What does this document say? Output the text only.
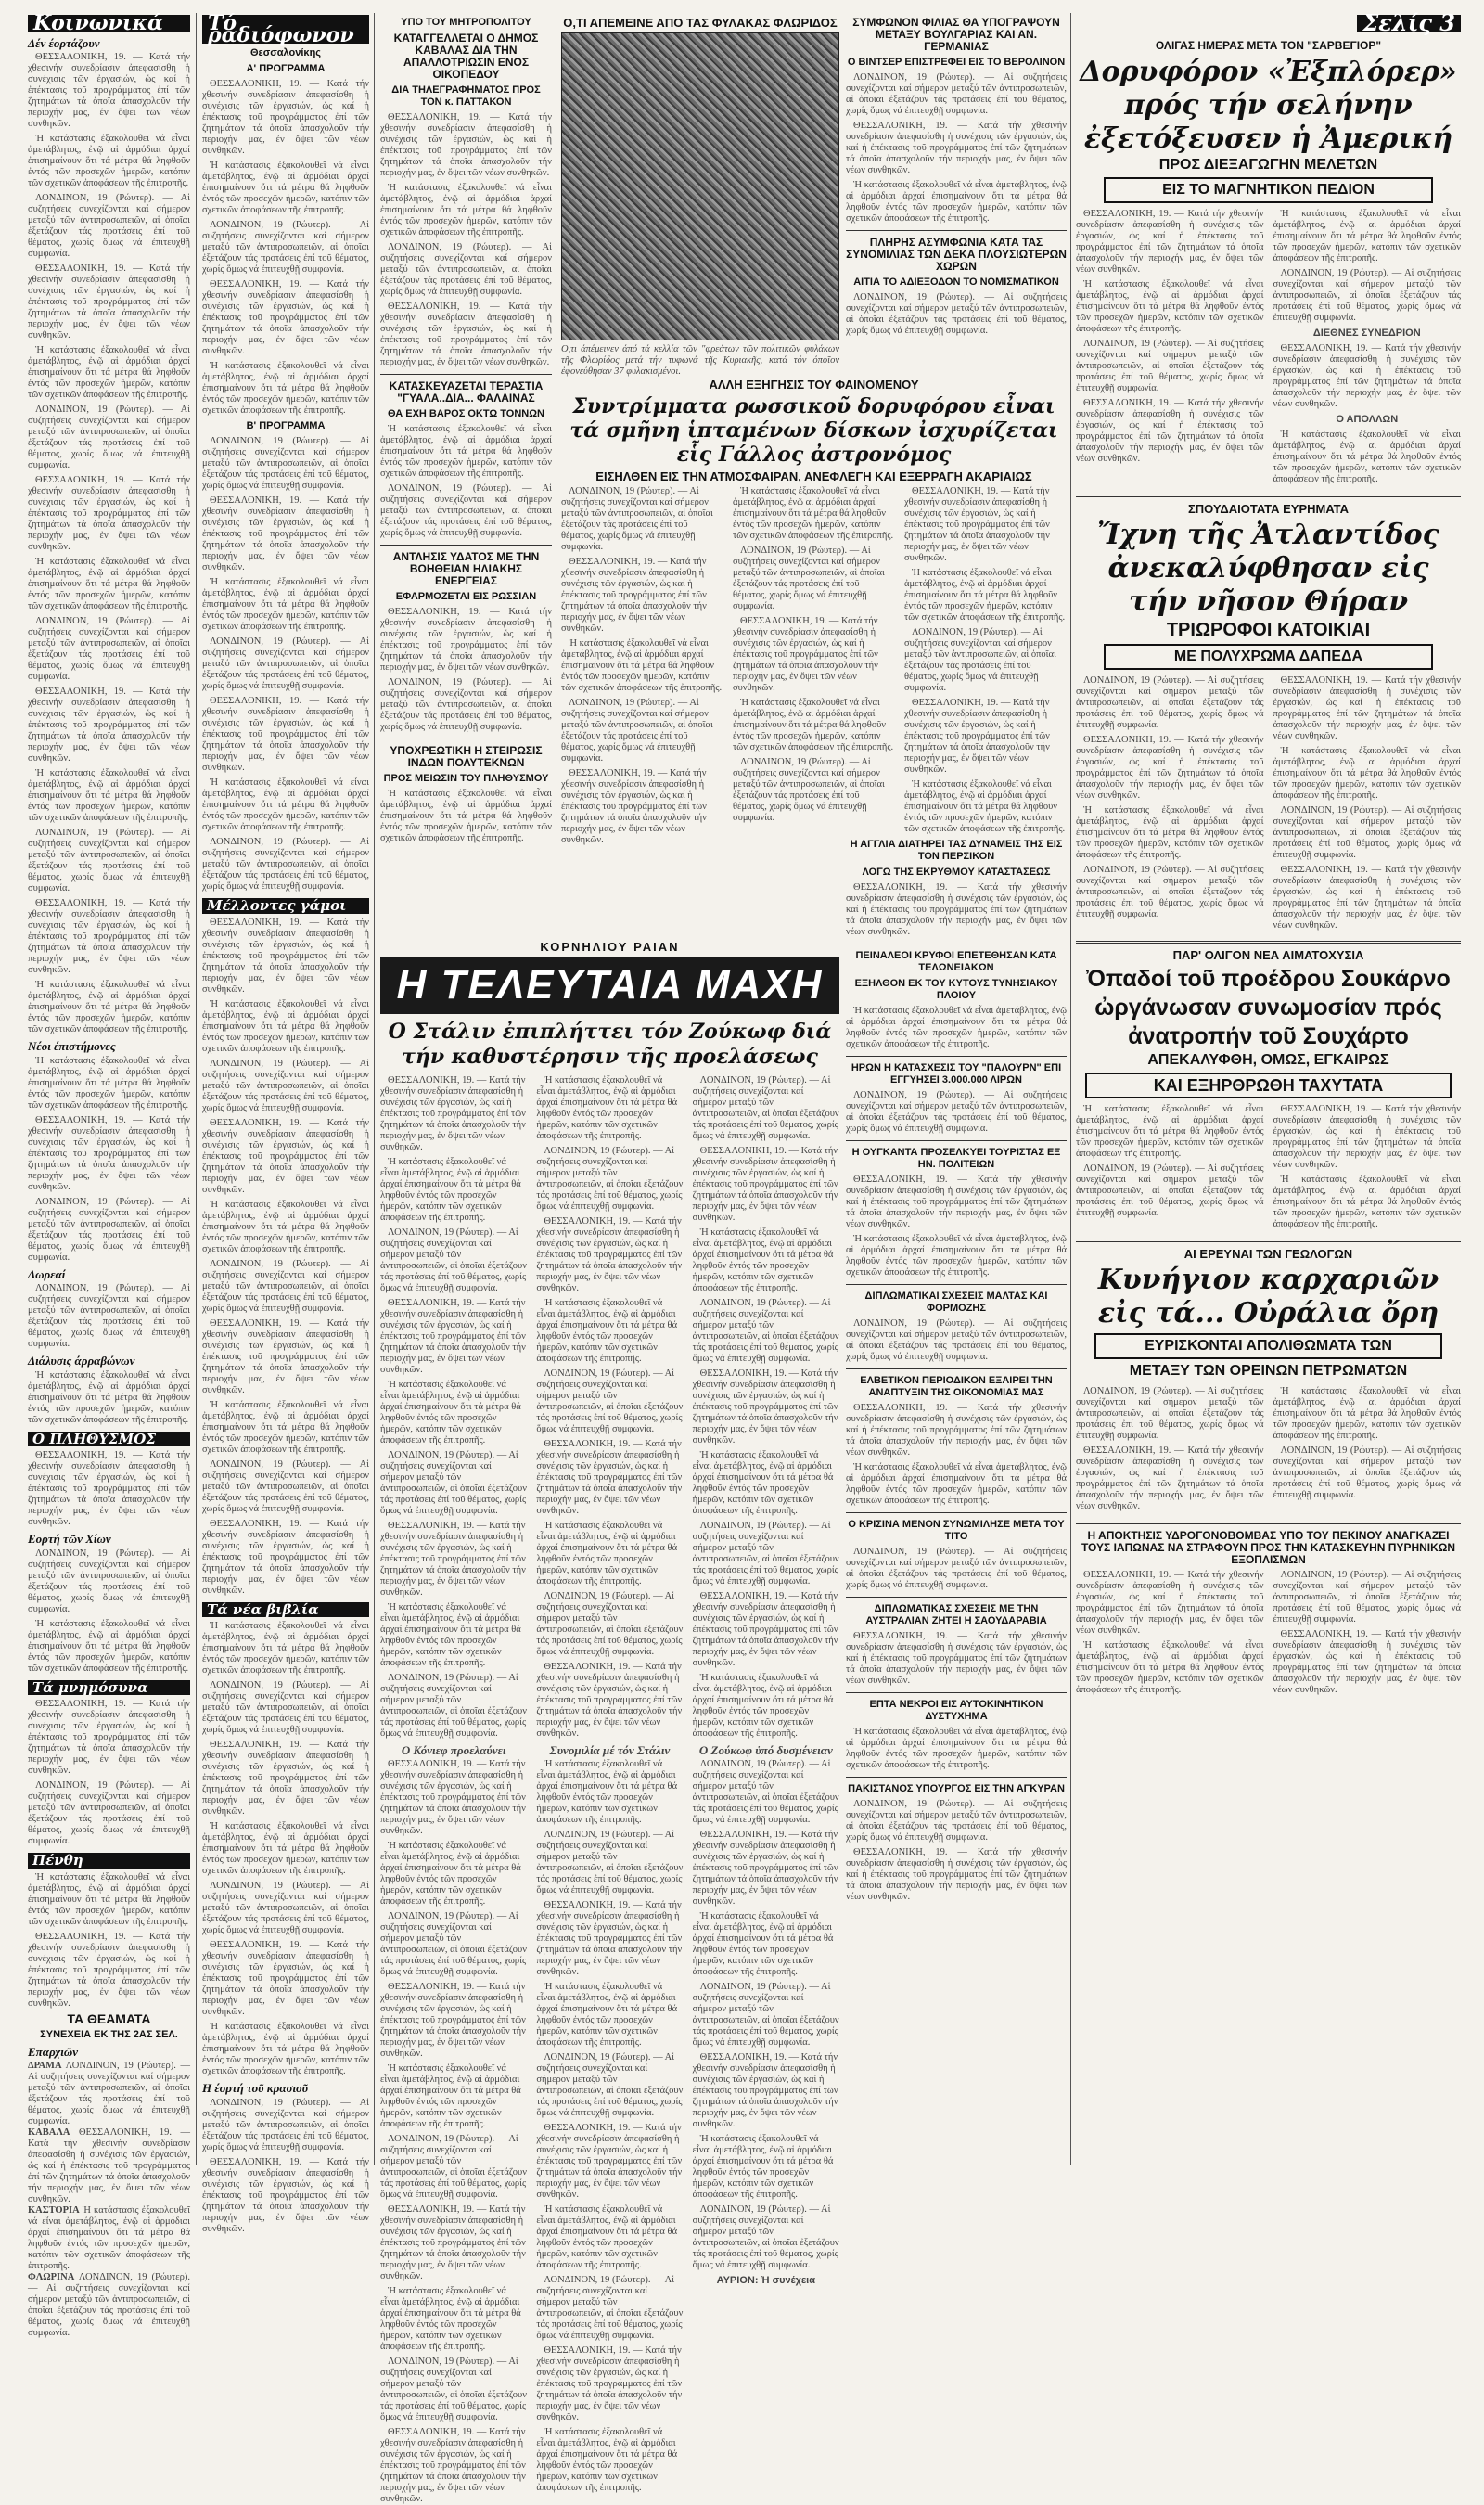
Κοινωνικά
Δέν έορτάζουν

ΘΕΣΣΑΛΟΝΙΚΗ, 19. — Κατά τήν χθεσινήν συνεδρίασιν ἀπεφασίσθη ἡ συνέχισις τῶν ἐργασιών, ὡς καί ἡ ἐπέκτασις τοῦ προγράμματος ἐπί τῶν ζητημάτων τά ὁποῖα ἀπασχολοῦν τήν περιοχήν μας, ἐν ὄψει τῶν νέων συνθηκῶν.

Ἡ κατάστασις ἐξακολουθεῖ νά εἶναι ἀμετάβλητος, ἐνῷ αἱ ἁρμόδιαι ἀρχαί ἐπισημαίνουν ὅτι τά μέτρα θά ληφθοῦν ἐντός τῶν προσεχῶν ἡμερῶν, κατόπιν τῶν σχετικῶν ἀποφάσεων τῆς ἐπιτροπῆς.

ΛΟΝΔΙΝΟΝ, 19 (Ρώυτερ). — Αἱ συζητήσεις συνεχίζονται καί σήμερον μεταξύ τῶν ἀντιπροσωπειῶν, αἱ ὁποῖαι ἐξετάζουν τάς προτάσεις ἐπί τοῦ θέματος, χωρίς ὅμως νά ἐπιτευχθῇ συμφωνία.

ΘΕΣΣΑΛΟΝΙΚΗ, 19. — Κατά τήν χθεσινήν συνεδρίασιν ἀπεφασίσθη ἡ συνέχισις τῶν ἐργασιών, ὡς καί ἡ ἐπέκτασις τοῦ προγράμματος ἐπί τῶν ζητημάτων τά ὁποῖα ἀπασχολοῦν τήν περιοχήν μας, ἐν ὄψει τῶν νέων συνθηκῶν.

Ἡ κατάστασις ἐξακολουθεῖ νά εἶναι ἀμετάβλητος, ἐνῷ αἱ ἁρμόδιαι ἀρχαί ἐπισημαίνουν ὅτι τά μέτρα θά ληφθοῦν ἐντός τῶν προσεχῶν ἡμερῶν, κατόπιν τῶν σχετικῶν ἀποφάσεων τῆς ἐπιτροπῆς.

ΛΟΝΔΙΝΟΝ, 19 (Ρώυτερ). — Αἱ συζητήσεις συνεχίζονται καί σήμερον μεταξύ τῶν ἀντιπροσωπειῶν, αἱ ὁποῖαι ἐξετάζουν τάς προτάσεις ἐπί τοῦ θέματος, χωρίς ὅμως νά ἐπιτευχθῇ συμφωνία.

ΘΕΣΣΑΛΟΝΙΚΗ, 19. — Κατά τήν χθεσινήν συνεδρίασιν ἀπεφασίσθη ἡ συνέχισις τῶν ἐργασιών, ὡς καί ἡ ἐπέκτασις τοῦ προγράμματος ἐπί τῶν ζητημάτων τά ὁποῖα ἀπασχολοῦν τήν περιοχήν μας, ἐν ὄψει τῶν νέων συνθηκῶν.

Ἡ κατάστασις ἐξακολουθεῖ νά εἶναι ἀμετάβλητος, ἐνῷ αἱ ἁρμόδιαι ἀρχαί ἐπισημαίνουν ὅτι τά μέτρα θά ληφθοῦν ἐντός τῶν προσεχῶν ἡμερῶν, κατόπιν τῶν σχετικῶν ἀποφάσεων τῆς ἐπιτροπῆς.

ΛΟΝΔΙΝΟΝ, 19 (Ρώυτερ). — Αἱ συζητήσεις συνεχίζονται καί σήμερον μεταξύ τῶν ἀντιπροσωπειῶν, αἱ ὁποῖαι ἐξετάζουν τάς προτάσεις ἐπί τοῦ θέματος, χωρίς ὅμως νά ἐπιτευχθῇ συμφωνία.

ΘΕΣΣΑΛΟΝΙΚΗ, 19. — Κατά τήν χθεσινήν συνεδρίασιν ἀπεφασίσθη ἡ συνέχισις τῶν ἐργασιών, ὡς καί ἡ ἐπέκτασις τοῦ προγράμματος ἐπί τῶν ζητημάτων τά ὁποῖα ἀπασχολοῦν τήν περιοχήν μας, ἐν ὄψει τῶν νέων συνθηκῶν.

Ἡ κατάστασις ἐξακολουθεῖ νά εἶναι ἀμετάβλητος, ἐνῷ αἱ ἁρμόδιαι ἀρχαί ἐπισημαίνουν ὅτι τά μέτρα θά ληφθοῦν ἐντός τῶν προσεχῶν ἡμερῶν, κατόπιν τῶν σχετικῶν ἀποφάσεων τῆς ἐπιτροπῆς.

ΛΟΝΔΙΝΟΝ, 19 (Ρώυτερ). — Αἱ συζητήσεις συνεχίζονται καί σήμερον μεταξύ τῶν ἀντιπροσωπειῶν, αἱ ὁποῖαι ἐξετάζουν τάς προτάσεις ἐπί τοῦ θέματος, χωρίς ὅμως νά ἐπιτευχθῇ συμφωνία.

ΘΕΣΣΑΛΟΝΙΚΗ, 19. — Κατά τήν χθεσινήν συνεδρίασιν ἀπεφασίσθη ἡ συνέχισις τῶν ἐργασιών, ὡς καί ἡ ἐπέκτασις τοῦ προγράμματος ἐπί τῶν ζητημάτων τά ὁποῖα ἀπασχολοῦν τήν περιοχήν μας, ἐν ὄψει τῶν νέων συνθηκῶν.

Ἡ κατάστασις ἐξακολουθεῖ νά εἶναι ἀμετάβλητος, ἐνῷ αἱ ἁρμόδιαι ἀρχαί ἐπισημαίνουν ὅτι τά μέτρα θά ληφθοῦν ἐντός τῶν προσεχῶν ἡμερῶν, κατόπιν τῶν σχετικῶν ἀποφάσεων τῆς ἐπιτροπῆς.

Νέοι έπιστήμονες

Ἡ κατάστασις ἐξακολουθεῖ νά εἶναι ἀμετάβλητος, ἐνῷ αἱ ἁρμόδιαι ἀρχαί ἐπισημαίνουν ὅτι τά μέτρα θά ληφθοῦν ἐντός τῶν προσεχῶν ἡμερῶν, κατόπιν τῶν σχετικῶν ἀποφάσεων τῆς ἐπιτροπῆς.

ΘΕΣΣΑΛΟΝΙΚΗ, 19. — Κατά τήν χθεσινήν συνεδρίασιν ἀπεφασίσθη ἡ συνέχισις τῶν ἐργασιών, ὡς καί ἡ ἐπέκτασις τοῦ προγράμματος ἐπί τῶν ζητημάτων τά ὁποῖα ἀπασχολοῦν τήν περιοχήν μας, ἐν ὄψει τῶν νέων συνθηκῶν.

ΛΟΝΔΙΝΟΝ, 19 (Ρώυτερ). — Αἱ συζητήσεις συνεχίζονται καί σήμερον μεταξύ τῶν ἀντιπροσωπειῶν, αἱ ὁποῖαι ἐξετάζουν τάς προτάσεις ἐπί τοῦ θέματος, χωρίς ὅμως νά ἐπιτευχθῇ συμφωνία.

Δωρεαί

ΛΟΝΔΙΝΟΝ, 19 (Ρώυτερ). — Αἱ συζητήσεις συνεχίζονται καί σήμερον μεταξύ τῶν ἀντιπροσωπειῶν, αἱ ὁποῖαι ἐξετάζουν τάς προτάσεις ἐπί τοῦ θέματος, χωρίς ὅμως νά ἐπιτευχθῇ συμφωνία.

Διάλυσις άρραβώνων

Ἡ κατάστασις ἐξακολουθεῖ νά εἶναι ἀμετάβλητος, ἐνῷ αἱ ἁρμόδιαι ἀρχαί ἐπισημαίνουν ὅτι τά μέτρα θά ληφθοῦν ἐντός τῶν προσεχῶν ἡμερῶν, κατόπιν τῶν σχετικῶν ἀποφάσεων τῆς ἐπιτροπῆς.

Ο ΠΛΗΘΥΣΜΟΣ

ΘΕΣΣΑΛΟΝΙΚΗ, 19. — Κατά τήν χθεσινήν συνεδρίασιν ἀπεφασίσθη ἡ συνέχισις τῶν ἐργασιών, ὡς καί ἡ ἐπέκτασις τοῦ προγράμματος ἐπί τῶν ζητημάτων τά ὁποῖα ἀπασχολοῦν τήν περιοχήν μας, ἐν ὄψει τῶν νέων συνθηκῶν.

Εορτή τῶν Χίων

ΛΟΝΔΙΝΟΝ, 19 (Ρώυτερ). — Αἱ συζητήσεις συνεχίζονται καί σήμερον μεταξύ τῶν ἀντιπροσωπειῶν, αἱ ὁποῖαι ἐξετάζουν τάς προτάσεις ἐπί τοῦ θέματος, χωρίς ὅμως νά ἐπιτευχθῇ συμφωνία.

Ἡ κατάστασις ἐξακολουθεῖ νά εἶναι ἀμετάβλητος, ἐνῷ αἱ ἁρμόδιαι ἀρχαί ἐπισημαίνουν ὅτι τά μέτρα θά ληφθοῦν ἐντός τῶν προσεχῶν ἡμερῶν, κατόπιν τῶν σχετικῶν ἀποφάσεων τῆς ἐπιτροπῆς.

Τά μνημόσυνα

ΘΕΣΣΑΛΟΝΙΚΗ, 19. — Κατά τήν χθεσινήν συνεδρίασιν ἀπεφασίσθη ἡ συνέχισις τῶν ἐργασιών, ὡς καί ἡ ἐπέκτασις τοῦ προγράμματος ἐπί τῶν ζητημάτων τά ὁποῖα ἀπασχολοῦν τήν περιοχήν μας, ἐν ὄψει τῶν νέων συνθηκῶν.

ΛΟΝΔΙΝΟΝ, 19 (Ρώυτερ). — Αἱ συζητήσεις συνεχίζονται καί σήμερον μεταξύ τῶν ἀντιπροσωπειῶν, αἱ ὁποῖαι ἐξετάζουν τάς προτάσεις ἐπί τοῦ θέματος, χωρίς ὅμως νά ἐπιτευχθῇ συμφωνία.

Πένθη

Ἡ κατάστασις ἐξακολουθεῖ νά εἶναι ἀμετάβλητος, ἐνῷ αἱ ἁρμόδιαι ἀρχαί ἐπισημαίνουν ὅτι τά μέτρα θά ληφθοῦν ἐντός τῶν προσεχῶν ἡμερῶν, κατόπιν τῶν σχετικῶν ἀποφάσεων τῆς ἐπιτροπῆς.

ΘΕΣΣΑΛΟΝΙΚΗ, 19. — Κατά τήν χθεσινήν συνεδρίασιν ἀπεφασίσθη ἡ συνέχισις τῶν ἐργασιών, ὡς καί ἡ ἐπέκτασις τοῦ προγράμματος ἐπί τῶν ζητημάτων τά ὁποῖα ἀπασχολοῦν τήν περιοχήν μας, ἐν ὄψει τῶν νέων συνθηκῶν.

ΤΑ ΘΕΑΜΑΤΑ
ΣΥΝΕΧΕΙΑ ΕΚ ΤΗΣ 2ΑΣ ΣΕΛ.
Επαρχιῶν
ΔΡΑΜΑ ΛΟΝΔΙΝΟΝ, 19 (Ρώυτερ). — Αἱ συζητήσεις συνεχίζονται καί σήμερον μεταξύ τῶν ἀντιπροσωπειῶν, αἱ ὁποῖαι ἐξετάζουν τάς προτάσεις ἐπί τοῦ θέματος, χωρίς ὅμως νά ἐπιτευχθῇ συμφωνία.
ΚΑΒΑΛΑ ΘΕΣΣΑΛΟΝΙΚΗ, 19. — Κατά τήν χθεσινήν συνεδρίασιν ἀπεφασίσθη ἡ συνέχισις τῶν ἐργασιών, ὡς καί ἡ ἐπέκτασις τοῦ προγράμματος ἐπί τῶν ζητημάτων τά ὁποῖα ἀπασχολοῦν τήν περιοχήν μας, ἐν ὄψει τῶν νέων συνθηκῶν.
ΚΑΣΤΟΡΙΑ Ἡ κατάστασις ἐξακολουθεῖ νά εἶναι ἀμετάβλητος, ἐνῷ αἱ ἁρμόδιαι ἀρχαί ἐπισημαίνουν ὅτι τά μέτρα θά ληφθοῦν ἐντός τῶν προσεχῶν ἡμερῶν, κατόπιν τῶν σχετικῶν ἀποφάσεων τῆς ἐπιτροπῆς.
ΦΛΩΡΙΝΑ ΛΟΝΔΙΝΟΝ, 19 (Ρώυτερ). — Αἱ συζητήσεις συνεχίζονται καί σήμερον μεταξύ τῶν ἀντιπροσωπειῶν, αἱ ὁποῖαι ἐξετάζουν τάς προτάσεις ἐπί τοῦ θέματος, χωρίς ὅμως νά ἐπιτευχθῇ συμφωνία.
Τό ραδιόφωνον
Θεσσαλονίκης
Α' ΠΡΟΓΡΑΜΜΑ

ΘΕΣΣΑΛΟΝΙΚΗ, 19. — Κατά τήν χθεσινήν συνεδρίασιν ἀπεφασίσθη ἡ συνέχισις τῶν ἐργασιών, ὡς καί ἡ ἐπέκτασις τοῦ προγράμματος ἐπί τῶν ζητημάτων τά ὁποῖα ἀπασχολοῦν τήν περιοχήν μας, ἐν ὄψει τῶν νέων συνθηκῶν.

Ἡ κατάστασις ἐξακολουθεῖ νά εἶναι ἀμετάβλητος, ἐνῷ αἱ ἁρμόδιαι ἀρχαί ἐπισημαίνουν ὅτι τά μέτρα θά ληφθοῦν ἐντός τῶν προσεχῶν ἡμερῶν, κατόπιν τῶν σχετικῶν ἀποφάσεων τῆς ἐπιτροπῆς.

ΛΟΝΔΙΝΟΝ, 19 (Ρώυτερ). — Αἱ συζητήσεις συνεχίζονται καί σήμερον μεταξύ τῶν ἀντιπροσωπειῶν, αἱ ὁποῖαι ἐξετάζουν τάς προτάσεις ἐπί τοῦ θέματος, χωρίς ὅμως νά ἐπιτευχθῇ συμφωνία.

ΘΕΣΣΑΛΟΝΙΚΗ, 19. — Κατά τήν χθεσινήν συνεδρίασιν ἀπεφασίσθη ἡ συνέχισις τῶν ἐργασιών, ὡς καί ἡ ἐπέκτασις τοῦ προγράμματος ἐπί τῶν ζητημάτων τά ὁποῖα ἀπασχολοῦν τήν περιοχήν μας, ἐν ὄψει τῶν νέων συνθηκῶν.

Ἡ κατάστασις ἐξακολουθεῖ νά εἶναι ἀμετάβλητος, ἐνῷ αἱ ἁρμόδιαι ἀρχαί ἐπισημαίνουν ὅτι τά μέτρα θά ληφθοῦν ἐντός τῶν προσεχῶν ἡμερῶν, κατόπιν τῶν σχετικῶν ἀποφάσεων τῆς ἐπιτροπῆς.

Β' ΠΡΟΓΡΑΜΜΑ

ΛΟΝΔΙΝΟΝ, 19 (Ρώυτερ). — Αἱ συζητήσεις συνεχίζονται καί σήμερον μεταξύ τῶν ἀντιπροσωπειῶν, αἱ ὁποῖαι ἐξετάζουν τάς προτάσεις ἐπί τοῦ θέματος, χωρίς ὅμως νά ἐπιτευχθῇ συμφωνία.

ΘΕΣΣΑΛΟΝΙΚΗ, 19. — Κατά τήν χθεσινήν συνεδρίασιν ἀπεφασίσθη ἡ συνέχισις τῶν ἐργασιών, ὡς καί ἡ ἐπέκτασις τοῦ προγράμματος ἐπί τῶν ζητημάτων τά ὁποῖα ἀπασχολοῦν τήν περιοχήν μας, ἐν ὄψει τῶν νέων συνθηκῶν.

Ἡ κατάστασις ἐξακολουθεῖ νά εἶναι ἀμετάβλητος, ἐνῷ αἱ ἁρμόδιαι ἀρχαί ἐπισημαίνουν ὅτι τά μέτρα θά ληφθοῦν ἐντός τῶν προσεχῶν ἡμερῶν, κατόπιν τῶν σχετικῶν ἀποφάσεων τῆς ἐπιτροπῆς.

ΛΟΝΔΙΝΟΝ, 19 (Ρώυτερ). — Αἱ συζητήσεις συνεχίζονται καί σήμερον μεταξύ τῶν ἀντιπροσωπειῶν, αἱ ὁποῖαι ἐξετάζουν τάς προτάσεις ἐπί τοῦ θέματος, χωρίς ὅμως νά ἐπιτευχθῇ συμφωνία.

ΘΕΣΣΑΛΟΝΙΚΗ, 19. — Κατά τήν χθεσινήν συνεδρίασιν ἀπεφασίσθη ἡ συνέχισις τῶν ἐργασιών, ὡς καί ἡ ἐπέκτασις τοῦ προγράμματος ἐπί τῶν ζητημάτων τά ὁποῖα ἀπασχολοῦν τήν περιοχήν μας, ἐν ὄψει τῶν νέων συνθηκῶν.

Ἡ κατάστασις ἐξακολουθεῖ νά εἶναι ἀμετάβλητος, ἐνῷ αἱ ἁρμόδιαι ἀρχαί ἐπισημαίνουν ὅτι τά μέτρα θά ληφθοῦν ἐντός τῶν προσεχῶν ἡμερῶν, κατόπιν τῶν σχετικῶν ἀποφάσεων τῆς ἐπιτροπῆς.

ΛΟΝΔΙΝΟΝ, 19 (Ρώυτερ). — Αἱ συζητήσεις συνεχίζονται καί σήμερον μεταξύ τῶν ἀντιπροσωπειῶν, αἱ ὁποῖαι ἐξετάζουν τάς προτάσεις ἐπί τοῦ θέματος, χωρίς ὅμως νά ἐπιτευχθῇ συμφωνία.

Μέλλοντες γάμοι

ΘΕΣΣΑΛΟΝΙΚΗ, 19. — Κατά τήν χθεσινήν συνεδρίασιν ἀπεφασίσθη ἡ συνέχισις τῶν ἐργασιών, ὡς καί ἡ ἐπέκτασις τοῦ προγράμματος ἐπί τῶν ζητημάτων τά ὁποῖα ἀπασχολοῦν τήν περιοχήν μας, ἐν ὄψει τῶν νέων συνθηκῶν.

Ἡ κατάστασις ἐξακολουθεῖ νά εἶναι ἀμετάβλητος, ἐνῷ αἱ ἁρμόδιαι ἀρχαί ἐπισημαίνουν ὅτι τά μέτρα θά ληφθοῦν ἐντός τῶν προσεχῶν ἡμερῶν, κατόπιν τῶν σχετικῶν ἀποφάσεων τῆς ἐπιτροπῆς.

ΛΟΝΔΙΝΟΝ, 19 (Ρώυτερ). — Αἱ συζητήσεις συνεχίζονται καί σήμερον μεταξύ τῶν ἀντιπροσωπειῶν, αἱ ὁποῖαι ἐξετάζουν τάς προτάσεις ἐπί τοῦ θέματος, χωρίς ὅμως νά ἐπιτευχθῇ συμφωνία.

ΘΕΣΣΑΛΟΝΙΚΗ, 19. — Κατά τήν χθεσινήν συνεδρίασιν ἀπεφασίσθη ἡ συνέχισις τῶν ἐργασιών, ὡς καί ἡ ἐπέκτασις τοῦ προγράμματος ἐπί τῶν ζητημάτων τά ὁποῖα ἀπασχολοῦν τήν περιοχήν μας, ἐν ὄψει τῶν νέων συνθηκῶν.

Ἡ κατάστασις ἐξακολουθεῖ νά εἶναι ἀμετάβλητος, ἐνῷ αἱ ἁρμόδιαι ἀρχαί ἐπισημαίνουν ὅτι τά μέτρα θά ληφθοῦν ἐντός τῶν προσεχῶν ἡμερῶν, κατόπιν τῶν σχετικῶν ἀποφάσεων τῆς ἐπιτροπῆς.

ΛΟΝΔΙΝΟΝ, 19 (Ρώυτερ). — Αἱ συζητήσεις συνεχίζονται καί σήμερον μεταξύ τῶν ἀντιπροσωπειῶν, αἱ ὁποῖαι ἐξετάζουν τάς προτάσεις ἐπί τοῦ θέματος, χωρίς ὅμως νά ἐπιτευχθῇ συμφωνία.

ΘΕΣΣΑΛΟΝΙΚΗ, 19. — Κατά τήν χθεσινήν συνεδρίασιν ἀπεφασίσθη ἡ συνέχισις τῶν ἐργασιών, ὡς καί ἡ ἐπέκτασις τοῦ προγράμματος ἐπί τῶν ζητημάτων τά ὁποῖα ἀπασχολοῦν τήν περιοχήν μας, ἐν ὄψει τῶν νέων συνθηκῶν.

Ἡ κατάστασις ἐξακολουθεῖ νά εἶναι ἀμετάβλητος, ἐνῷ αἱ ἁρμόδιαι ἀρχαί ἐπισημαίνουν ὅτι τά μέτρα θά ληφθοῦν ἐντός τῶν προσεχῶν ἡμερῶν, κατόπιν τῶν σχετικῶν ἀποφάσεων τῆς ἐπιτροπῆς.

ΛΟΝΔΙΝΟΝ, 19 (Ρώυτερ). — Αἱ συζητήσεις συνεχίζονται καί σήμερον μεταξύ τῶν ἀντιπροσωπειῶν, αἱ ὁποῖαι ἐξετάζουν τάς προτάσεις ἐπί τοῦ θέματος, χωρίς ὅμως νά ἐπιτευχθῇ συμφωνία.

ΘΕΣΣΑΛΟΝΙΚΗ, 19. — Κατά τήν χθεσινήν συνεδρίασιν ἀπεφασίσθη ἡ συνέχισις τῶν ἐργασιών, ὡς καί ἡ ἐπέκτασις τοῦ προγράμματος ἐπί τῶν ζητημάτων τά ὁποῖα ἀπασχολοῦν τήν περιοχήν μας, ἐν ὄψει τῶν νέων συνθηκῶν.

Τά νέα βιβλία

Ἡ κατάστασις ἐξακολουθεῖ νά εἶναι ἀμετάβλητος, ἐνῷ αἱ ἁρμόδιαι ἀρχαί ἐπισημαίνουν ὅτι τά μέτρα θά ληφθοῦν ἐντός τῶν προσεχῶν ἡμερῶν, κατόπιν τῶν σχετικῶν ἀποφάσεων τῆς ἐπιτροπῆς.

ΛΟΝΔΙΝΟΝ, 19 (Ρώυτερ). — Αἱ συζητήσεις συνεχίζονται καί σήμερον μεταξύ τῶν ἀντιπροσωπειῶν, αἱ ὁποῖαι ἐξετάζουν τάς προτάσεις ἐπί τοῦ θέματος, χωρίς ὅμως νά ἐπιτευχθῇ συμφωνία.

ΘΕΣΣΑΛΟΝΙΚΗ, 19. — Κατά τήν χθεσινήν συνεδρίασιν ἀπεφασίσθη ἡ συνέχισις τῶν ἐργασιών, ὡς καί ἡ ἐπέκτασις τοῦ προγράμματος ἐπί τῶν ζητημάτων τά ὁποῖα ἀπασχολοῦν τήν περιοχήν μας, ἐν ὄψει τῶν νέων συνθηκῶν.

Ἡ κατάστασις ἐξακολουθεῖ νά εἶναι ἀμετάβλητος, ἐνῷ αἱ ἁρμόδιαι ἀρχαί ἐπισημαίνουν ὅτι τά μέτρα θά ληφθοῦν ἐντός τῶν προσεχῶν ἡμερῶν, κατόπιν τῶν σχετικῶν ἀποφάσεων τῆς ἐπιτροπῆς.

ΛΟΝΔΙΝΟΝ, 19 (Ρώυτερ). — Αἱ συζητήσεις συνεχίζονται καί σήμερον μεταξύ τῶν ἀντιπροσωπειῶν, αἱ ὁποῖαι ἐξετάζουν τάς προτάσεις ἐπί τοῦ θέματος, χωρίς ὅμως νά ἐπιτευχθῇ συμφωνία.

ΘΕΣΣΑΛΟΝΙΚΗ, 19. — Κατά τήν χθεσινήν συνεδρίασιν ἀπεφασίσθη ἡ συνέχισις τῶν ἐργασιών, ὡς καί ἡ ἐπέκτασις τοῦ προγράμματος ἐπί τῶν ζητημάτων τά ὁποῖα ἀπασχολοῦν τήν περιοχήν μας, ἐν ὄψει τῶν νέων συνθηκῶν.

Ἡ κατάστασις ἐξακολουθεῖ νά εἶναι ἀμετάβλητος, ἐνῷ αἱ ἁρμόδιαι ἀρχαί ἐπισημαίνουν ὅτι τά μέτρα θά ληφθοῦν ἐντός τῶν προσεχῶν ἡμερῶν, κατόπιν τῶν σχετικῶν ἀποφάσεων τῆς ἐπιτροπῆς.

Η έορτή τοῦ κρασιοῦ

ΛΟΝΔΙΝΟΝ, 19 (Ρώυτερ). — Αἱ συζητήσεις συνεχίζονται καί σήμερον μεταξύ τῶν ἀντιπροσωπειῶν, αἱ ὁποῖαι ἐξετάζουν τάς προτάσεις ἐπί τοῦ θέματος, χωρίς ὅμως νά ἐπιτευχθῇ συμφωνία.

ΘΕΣΣΑΛΟΝΙΚΗ, 19. — Κατά τήν χθεσινήν συνεδρίασιν ἀπεφασίσθη ἡ συνέχισις τῶν ἐργασιών, ὡς καί ἡ ἐπέκτασις τοῦ προγράμματος ἐπί τῶν ζητημάτων τά ὁποῖα ἀπασχολοῦν τήν περιοχήν μας, ἐν ὄψει τῶν νέων συνθηκῶν.

ΥΠΟ ΤΟΥ ΜΗΤΡΟΠΟΛΙΤΟΥ
ΚΑΤΑΓΓΕΛΛΕΤΑΙ Ο ΔΗΜΟΣ ΚΑΒΑΛΑΣ ΔΙΑ ΤΗΝ ΑΠΑΛΛΟΤΡΙΩΣΙΝ ΕΝΟΣ ΟΙΚΟΠΕΔΟΥ
ΔΙΑ ΤΗΛΕΓΡΑΦΗΜΑΤΟΣ ΠΡΟΣ ΤΟΝ κ. ΠΑΤΤΑΚΟΝ

ΘΕΣΣΑΛΟΝΙΚΗ, 19. — Κατά τήν χθεσινήν συνεδρίασιν ἀπεφασίσθη ἡ συνέχισις τῶν ἐργασιών, ὡς καί ἡ ἐπέκτασις τοῦ προγράμματος ἐπί τῶν ζητημάτων τά ὁποῖα ἀπασχολοῦν τήν περιοχήν μας, ἐν ὄψει τῶν νέων συνθηκῶν.

Ἡ κατάστασις ἐξακολουθεῖ νά εἶναι ἀμετάβλητος, ἐνῷ αἱ ἁρμόδιαι ἀρχαί ἐπισημαίνουν ὅτι τά μέτρα θά ληφθοῦν ἐντός τῶν προσεχῶν ἡμερῶν, κατόπιν τῶν σχετικῶν ἀποφάσεων τῆς ἐπιτροπῆς.

ΛΟΝΔΙΝΟΝ, 19 (Ρώυτερ). — Αἱ συζητήσεις συνεχίζονται καί σήμερον μεταξύ τῶν ἀντιπροσωπειῶν, αἱ ὁποῖαι ἐξετάζουν τάς προτάσεις ἐπί τοῦ θέματος, χωρίς ὅμως νά ἐπιτευχθῇ συμφωνία.

ΘΕΣΣΑΛΟΝΙΚΗ, 19. — Κατά τήν χθεσινήν συνεδρίασιν ἀπεφασίσθη ἡ συνέχισις τῶν ἐργασιών, ὡς καί ἡ ἐπέκτασις τοῦ προγράμματος ἐπί τῶν ζητημάτων τά ὁποῖα ἀπασχολοῦν τήν περιοχήν μας, ἐν ὄψει τῶν νέων συνθηκῶν.

ΚΑΤΑΣΚΕΥΑΖΕΤΑΙ ΤΕΡΑΣΤΙΑ "ΓΥΑΛΑ..ΔΙΑ... ΦΑΛΑΙΝΑΣ
ΘΑ ΕΧΗ ΒΑΡΟΣ ΟΚΤΩ ΤΟΝΝΩΝ

Ἡ κατάστασις ἐξακολουθεῖ νά εἶναι ἀμετάβλητος, ἐνῷ αἱ ἁρμόδιαι ἀρχαί ἐπισημαίνουν ὅτι τά μέτρα θά ληφθοῦν ἐντός τῶν προσεχῶν ἡμερῶν, κατόπιν τῶν σχετικῶν ἀποφάσεων τῆς ἐπιτροπῆς.

ΛΟΝΔΙΝΟΝ, 19 (Ρώυτερ). — Αἱ συζητήσεις συνεχίζονται καί σήμερον μεταξύ τῶν ἀντιπροσωπειῶν, αἱ ὁποῖαι ἐξετάζουν τάς προτάσεις ἐπί τοῦ θέματος, χωρίς ὅμως νά ἐπιτευχθῇ συμφωνία.

ΑΝΤΛΗΣΙΣ ΥΔΑΤΟΣ ΜΕ ΤΗΝ ΒΟΗΘΕΙΑΝ ΗΛΙΑΚΗΣ ΕΝΕΡΓΕΙΑΣ
ΕΦΑΡΜΟΖΕΤΑΙ ΕΙΣ ΡΩΣΣΙΑΝ

ΘΕΣΣΑΛΟΝΙΚΗ, 19. — Κατά τήν χθεσινήν συνεδρίασιν ἀπεφασίσθη ἡ συνέχισις τῶν ἐργασιών, ὡς καί ἡ ἐπέκτασις τοῦ προγράμματος ἐπί τῶν ζητημάτων τά ὁποῖα ἀπασχολοῦν τήν περιοχήν μας, ἐν ὄψει τῶν νέων συνθηκῶν.

ΛΟΝΔΙΝΟΝ, 19 (Ρώυτερ). — Αἱ συζητήσεις συνεχίζονται καί σήμερον μεταξύ τῶν ἀντιπροσωπειῶν, αἱ ὁποῖαι ἐξετάζουν τάς προτάσεις ἐπί τοῦ θέματος, χωρίς ὅμως νά ἐπιτευχθῇ συμφωνία.

ΥΠΟΧΡΕΩΤΙΚΗ Η ΣΤΕΙΡΩΣΙΣ ΙΝΔΩΝ ΠΟΛΥΤΕΚΝΩΝ
ΠΡΟΣ ΜΕΙΩΣΙΝ ΤΟΥ ΠΛΗΘΥΣΜΟΥ

Ἡ κατάστασις ἐξακολουθεῖ νά εἶναι ἀμετάβλητος, ἐνῷ αἱ ἁρμόδιαι ἀρχαί ἐπισημαίνουν ὅτι τά μέτρα θά ληφθοῦν ἐντός τῶν προσεχῶν ἡμερῶν, κατόπιν τῶν σχετικῶν ἀποφάσεων τῆς ἐπιτροπῆς.

Ο,ΤΙ ΑΠΕΜΕΙΝΕ ΑΠΟ ΤΑΣ ΦΥΛΑΚΑΣ ΦΛΩΡΙΔΟΣ
Ο,τι άπέμεινεν άπό τά κελλία τῶν "φρεάτων τῶν πολιτικῶν φυλάκων τῆς Φλωρίδος μετά τήν τυφωνά τῆς Κυριακῆς, κατά τόν όποῖον ἐφονεύθησαν 37 φυλακισμένοι.
ΣΥΜΦΩΝΟΝ ΦΙΛΙΑΣ ΘΑ ΥΠΟΓΡΑΨΟΥΝ ΜΕΤΑΞΥ ΒΟΥΛΓΑΡΙΑΣ ΚΑΙ ΑΝ. ΓΕΡΜΑΝΙΑΣ
Ο ΒΙΝΤΣΕΡ ΕΠΙΣΤΡΕΦΕΙ ΕΙΣ ΤΟ ΒΕΡΟΛΙΝΟΝ

ΛΟΝΔΙΝΟΝ, 19 (Ρώυτερ). — Αἱ συζητήσεις συνεχίζονται καί σήμερον μεταξύ τῶν ἀντιπροσωπειῶν, αἱ ὁποῖαι ἐξετάζουν τάς προτάσεις ἐπί τοῦ θέματος, χωρίς ὅμως νά ἐπιτευχθῇ συμφωνία.

ΘΕΣΣΑΛΟΝΙΚΗ, 19. — Κατά τήν χθεσινήν συνεδρίασιν ἀπεφασίσθη ἡ συνέχισις τῶν ἐργασιών, ὡς καί ἡ ἐπέκτασις τοῦ προγράμματος ἐπί τῶν ζητημάτων τά ὁποῖα ἀπασχολοῦν τήν περιοχήν μας, ἐν ὄψει τῶν νέων συνθηκῶν.

Ἡ κατάστασις ἐξακολουθεῖ νά εἶναι ἀμετάβλητος, ἐνῷ αἱ ἁρμόδιαι ἀρχαί ἐπισημαίνουν ὅτι τά μέτρα θά ληφθοῦν ἐντός τῶν προσεχῶν ἡμερῶν, κατόπιν τῶν σχετικῶν ἀποφάσεων τῆς ἐπιτροπῆς.

ΠΛΗΡΗΣ ΑΣΥΜΦΩΝΙΑ ΚΑΤΑ ΤΑΣ ΣΥΝΟΜΙΛΙΑΣ ΤΩΝ ΔΕΚΑ ΠΛΟΥΣΙΩΤΕΡΩΝ ΧΩΡΩΝ
ΑΙΤΙΑ ΤΟ ΑΔΙΕΞΟΔΟΝ ΤΟ ΝΟΜΙΣΜΑΤΙΚΟΝ

ΛΟΝΔΙΝΟΝ, 19 (Ρώυτερ). — Αἱ συζητήσεις συνεχίζονται καί σήμερον μεταξύ τῶν ἀντιπροσωπειῶν, αἱ ὁποῖαι ἐξετάζουν τάς προτάσεις ἐπί τοῦ θέματος, χωρίς ὅμως νά ἐπιτευχθῇ συμφωνία.

ΑΛΛΗ ΕΞΗΓΗΣΙΣ ΤΟΥ ΦΑΙΝΟΜΕΝΟΥ
Συντρίμματα ρωσσικοῦ δορυφόρου εἶναι τά σμῆνη ἱπταμένων δίσκων ἰσχυρίζεται εἷς Γάλλος ἀστρονόμος
ΕΙΣΗΛΘΕΝ ΕΙΣ ΤΗΝ ΑΤΜΟΣΦΑΙΡΑΝ, ΑΝΕΦΛΕΓΗ ΚΑΙ ΕΞΕΡΡΑΓΗ ΑΚΑΡΙΑΙΩΣ

ΛΟΝΔΙΝΟΝ, 19 (Ρώυτερ). — Αἱ συζητήσεις συνεχίζονται καί σήμερον μεταξύ τῶν ἀντιπροσωπειῶν, αἱ ὁποῖαι ἐξετάζουν τάς προτάσεις ἐπί τοῦ θέματος, χωρίς ὅμως νά ἐπιτευχθῇ συμφωνία.

ΘΕΣΣΑΛΟΝΙΚΗ, 19. — Κατά τήν χθεσινήν συνεδρίασιν ἀπεφασίσθη ἡ συνέχισις τῶν ἐργασιών, ὡς καί ἡ ἐπέκτασις τοῦ προγράμματος ἐπί τῶν ζητημάτων τά ὁποῖα ἀπασχολοῦν τήν περιοχήν μας, ἐν ὄψει τῶν νέων συνθηκῶν.

Ἡ κατάστασις ἐξακολουθεῖ νά εἶναι ἀμετάβλητος, ἐνῷ αἱ ἁρμόδιαι ἀρχαί ἐπισημαίνουν ὅτι τά μέτρα θά ληφθοῦν ἐντός τῶν προσεχῶν ἡμερῶν, κατόπιν τῶν σχετικῶν ἀποφάσεων τῆς ἐπιτροπῆς.

ΛΟΝΔΙΝΟΝ, 19 (Ρώυτερ). — Αἱ συζητήσεις συνεχίζονται καί σήμερον μεταξύ τῶν ἀντιπροσωπειῶν, αἱ ὁποῖαι ἐξετάζουν τάς προτάσεις ἐπί τοῦ θέματος, χωρίς ὅμως νά ἐπιτευχθῇ συμφωνία.

ΘΕΣΣΑΛΟΝΙΚΗ, 19. — Κατά τήν χθεσινήν συνεδρίασιν ἀπεφασίσθη ἡ συνέχισις τῶν ἐργασιών, ὡς καί ἡ ἐπέκτασις τοῦ προγράμματος ἐπί τῶν ζητημάτων τά ὁποῖα ἀπασχολοῦν τήν περιοχήν μας, ἐν ὄψει τῶν νέων συνθηκῶν.

Ἡ κατάστασις ἐξακολουθεῖ νά εἶναι ἀμετάβλητος, ἐνῷ αἱ ἁρμόδιαι ἀρχαί ἐπισημαίνουν ὅτι τά μέτρα θά ληφθοῦν ἐντός τῶν προσεχῶν ἡμερῶν, κατόπιν τῶν σχετικῶν ἀποφάσεων τῆς ἐπιτροπῆς.

ΛΟΝΔΙΝΟΝ, 19 (Ρώυτερ). — Αἱ συζητήσεις συνεχίζονται καί σήμερον μεταξύ τῶν ἀντιπροσωπειῶν, αἱ ὁποῖαι ἐξετάζουν τάς προτάσεις ἐπί τοῦ θέματος, χωρίς ὅμως νά ἐπιτευχθῇ συμφωνία.

ΘΕΣΣΑΛΟΝΙΚΗ, 19. — Κατά τήν χθεσινήν συνεδρίασιν ἀπεφασίσθη ἡ συνέχισις τῶν ἐργασιών, ὡς καί ἡ ἐπέκτασις τοῦ προγράμματος ἐπί τῶν ζητημάτων τά ὁποῖα ἀπασχολοῦν τήν περιοχήν μας, ἐν ὄψει τῶν νέων συνθηκῶν.

Ἡ κατάστασις ἐξακολουθεῖ νά εἶναι ἀμετάβλητος, ἐνῷ αἱ ἁρμόδιαι ἀρχαί ἐπισημαίνουν ὅτι τά μέτρα θά ληφθοῦν ἐντός τῶν προσεχῶν ἡμερῶν, κατόπιν τῶν σχετικῶν ἀποφάσεων τῆς ἐπιτροπῆς.

ΛΟΝΔΙΝΟΝ, 19 (Ρώυτερ). — Αἱ συζητήσεις συνεχίζονται καί σήμερον μεταξύ τῶν ἀντιπροσωπειῶν, αἱ ὁποῖαι ἐξετάζουν τάς προτάσεις ἐπί τοῦ θέματος, χωρίς ὅμως νά ἐπιτευχθῇ συμφωνία.

ΘΕΣΣΑΛΟΝΙΚΗ, 19. — Κατά τήν χθεσινήν συνεδρίασιν ἀπεφασίσθη ἡ συνέχισις τῶν ἐργασιών, ὡς καί ἡ ἐπέκτασις τοῦ προγράμματος ἐπί τῶν ζητημάτων τά ὁποῖα ἀπασχολοῦν τήν περιοχήν μας, ἐν ὄψει τῶν νέων συνθηκῶν.

Ἡ κατάστασις ἐξακολουθεῖ νά εἶναι ἀμετάβλητος, ἐνῷ αἱ ἁρμόδιαι ἀρχαί ἐπισημαίνουν ὅτι τά μέτρα θά ληφθοῦν ἐντός τῶν προσεχῶν ἡμερῶν, κατόπιν τῶν σχετικῶν ἀποφάσεων τῆς ἐπιτροπῆς.

ΛΟΝΔΙΝΟΝ, 19 (Ρώυτερ). — Αἱ συζητήσεις συνεχίζονται καί σήμερον μεταξύ τῶν ἀντιπροσωπειῶν, αἱ ὁποῖαι ἐξετάζουν τάς προτάσεις ἐπί τοῦ θέματος, χωρίς ὅμως νά ἐπιτευχθῇ συμφωνία.

ΘΕΣΣΑΛΟΝΙΚΗ, 19. — Κατά τήν χθεσινήν συνεδρίασιν ἀπεφασίσθη ἡ συνέχισις τῶν ἐργασιών, ὡς καί ἡ ἐπέκτασις τοῦ προγράμματος ἐπί τῶν ζητημάτων τά ὁποῖα ἀπασχολοῦν τήν περιοχήν μας, ἐν ὄψει τῶν νέων συνθηκῶν.

Ἡ κατάστασις ἐξακολουθεῖ νά εἶναι ἀμετάβλητος, ἐνῷ αἱ ἁρμόδιαι ἀρχαί ἐπισημαίνουν ὅτι τά μέτρα θά ληφθοῦν ἐντός τῶν προσεχῶν ἡμερῶν, κατόπιν τῶν σχετικῶν ἀποφάσεων τῆς ἐπιτροπῆς.

Η ΑΓΓΛΙΑ ΔΙΑΤΗΡΕΙ ΤΑΣ ΔΥΝΑΜΕΙΣ ΤΗΣ ΕΙΣ ΤΟΝ ΠΕΡΣΙΚΟΝ
ΛΟΓΩ ΤΗΣ ΕΚΡΥΘΜΟΥ ΚΑΤΑΣΤΑΣΕΩΣ

ΘΕΣΣΑΛΟΝΙΚΗ, 19. — Κατά τήν χθεσινήν συνεδρίασιν ἀπεφασίσθη ἡ συνέχισις τῶν ἐργασιών, ὡς καί ἡ ἐπέκτασις τοῦ προγράμματος ἐπί τῶν ζητημάτων τά ὁποῖα ἀπασχολοῦν τήν περιοχήν μας, ἐν ὄψει τῶν νέων συνθηκῶν.

ΠΕΙΝΑΛΕΟΙ ΚΡΥΦΟΙ ΕΠΕΤΕΘΗΣΑΝ ΚΑΤΑ ΤΕΛΩΝΕΙΑΚΩΝ
ΕΞΗΛΘΟΝ ΕΚ ΤΟΥ ΚΥΤΟΥΣ ΤΥΝΗΣΙΑΚΟΥ ΠΛΟΙΟΥ

Ἡ κατάστασις ἐξακολουθεῖ νά εἶναι ἀμετάβλητος, ἐνῷ αἱ ἁρμόδιαι ἀρχαί ἐπισημαίνουν ὅτι τά μέτρα θά ληφθοῦν ἐντός τῶν προσεχῶν ἡμερῶν, κατόπιν τῶν σχετικῶν ἀποφάσεων τῆς ἐπιτροπῆς.

ΗΡΩΝ Η ΚΑΤΑΣΧΕΣΙΣ ΤΟΥ "ΠΑΛΟΥΡΝ" ΕΠΙ ΕΓΓΥΗΣΕΙ 3.000.000 ΛΙΡΩΝ

ΛΟΝΔΙΝΟΝ, 19 (Ρώυτερ). — Αἱ συζητήσεις συνεχίζονται καί σήμερον μεταξύ τῶν ἀντιπροσωπειῶν, αἱ ὁποῖαι ἐξετάζουν τάς προτάσεις ἐπί τοῦ θέματος, χωρίς ὅμως νά ἐπιτευχθῇ συμφωνία.

Η ΟΥΓΚΑΝΤΑ ΠΡΟΣΕΛΚΥΕΙ ΤΟΥΡΙΣΤΑΣ ΕΞ ΗΝ. ΠΟΛΙΤΕΙΩΝ

ΘΕΣΣΑΛΟΝΙΚΗ, 19. — Κατά τήν χθεσινήν συνεδρίασιν ἀπεφασίσθη ἡ συνέχισις τῶν ἐργασιών, ὡς καί ἡ ἐπέκτασις τοῦ προγράμματος ἐπί τῶν ζητημάτων τά ὁποῖα ἀπασχολοῦν τήν περιοχήν μας, ἐν ὄψει τῶν νέων συνθηκῶν.

Ἡ κατάστασις ἐξακολουθεῖ νά εἶναι ἀμετάβλητος, ἐνῷ αἱ ἁρμόδιαι ἀρχαί ἐπισημαίνουν ὅτι τά μέτρα θά ληφθοῦν ἐντός τῶν προσεχῶν ἡμερῶν, κατόπιν τῶν σχετικῶν ἀποφάσεων τῆς ἐπιτροπῆς.

ΔΙΠΛΩΜΑΤΙΚΑΙ ΣΧΕΣΕΙΣ ΜΑΛΤΑΣ ΚΑΙ ΦΟΡΜΟΖΗΣ

ΛΟΝΔΙΝΟΝ, 19 (Ρώυτερ). — Αἱ συζητήσεις συνεχίζονται καί σήμερον μεταξύ τῶν ἀντιπροσωπειῶν, αἱ ὁποῖαι ἐξετάζουν τάς προτάσεις ἐπί τοῦ θέματος, χωρίς ὅμως νά ἐπιτευχθῇ συμφωνία.

ΕΛΒΕΤΙΚΟΝ ΠΕΡΙΟΔΙΚΟΝ ΕΞΑΙΡΕΙ ΤΗΝ ΑΝΑΠΤΥΞΙΝ ΤΗΣ ΟΙΚΟΝΟΜΙΑΣ ΜΑΣ

ΘΕΣΣΑΛΟΝΙΚΗ, 19. — Κατά τήν χθεσινήν συνεδρίασιν ἀπεφασίσθη ἡ συνέχισις τῶν ἐργασιών, ὡς καί ἡ ἐπέκτασις τοῦ προγράμματος ἐπί τῶν ζητημάτων τά ὁποῖα ἀπασχολοῦν τήν περιοχήν μας, ἐν ὄψει τῶν νέων συνθηκῶν.

Ἡ κατάστασις ἐξακολουθεῖ νά εἶναι ἀμετάβλητος, ἐνῷ αἱ ἁρμόδιαι ἀρχαί ἐπισημαίνουν ὅτι τά μέτρα θά ληφθοῦν ἐντός τῶν προσεχῶν ἡμερῶν, κατόπιν τῶν σχετικῶν ἀποφάσεων τῆς ἐπιτροπῆς.

Ο ΚΡΙΣΙΝΑ ΜΕΝΟΝ ΣΥΝΩΜΙΛΗΣΕ ΜΕΤΑ ΤΟΥ ΤΙΤΟ

ΛΟΝΔΙΝΟΝ, 19 (Ρώυτερ). — Αἱ συζητήσεις συνεχίζονται καί σήμερον μεταξύ τῶν ἀντιπροσωπειῶν, αἱ ὁποῖαι ἐξετάζουν τάς προτάσεις ἐπί τοῦ θέματος, χωρίς ὅμως νά ἐπιτευχθῇ συμφωνία.

ΔΙΠΛΩΜΑΤΙΚΑΣ ΣΧΕΣΕΙΣ ΜΕ ΤΗΝ ΑΥΣΤΡΑΛΙΑΝ ΖΗΤΕΙ Η ΣΑΟΥΔΑΡΑΒΙΑ

ΘΕΣΣΑΛΟΝΙΚΗ, 19. — Κατά τήν χθεσινήν συνεδρίασιν ἀπεφασίσθη ἡ συνέχισις τῶν ἐργασιών, ὡς καί ἡ ἐπέκτασις τοῦ προγράμματος ἐπί τῶν ζητημάτων τά ὁποῖα ἀπασχολοῦν τήν περιοχήν μας, ἐν ὄψει τῶν νέων συνθηκῶν.

ΕΠΤΑ ΝΕΚΡΟΙ ΕΙΣ ΑΥΤΟΚΙΝΗΤΙΚΟΝ ΔΥΣΤΥΧΗΜΑ

Ἡ κατάστασις ἐξακολουθεῖ νά εἶναι ἀμετάβλητος, ἐνῷ αἱ ἁρμόδιαι ἀρχαί ἐπισημαίνουν ὅτι τά μέτρα θά ληφθοῦν ἐντός τῶν προσεχῶν ἡμερῶν, κατόπιν τῶν σχετικῶν ἀποφάσεων τῆς ἐπιτροπῆς.

ΠΑΚΙΣΤΑΝΟΣ ΥΠΟΥΡΓΟΣ ΕΙΣ ΤΗΝ ΑΓΚΥΡΑΝ

ΛΟΝΔΙΝΟΝ, 19 (Ρώυτερ). — Αἱ συζητήσεις συνεχίζονται καί σήμερον μεταξύ τῶν ἀντιπροσωπειῶν, αἱ ὁποῖαι ἐξετάζουν τάς προτάσεις ἐπί τοῦ θέματος, χωρίς ὅμως νά ἐπιτευχθῇ συμφωνία.

ΘΕΣΣΑΛΟΝΙΚΗ, 19. — Κατά τήν χθεσινήν συνεδρίασιν ἀπεφασίσθη ἡ συνέχισις τῶν ἐργασιών, ὡς καί ἡ ἐπέκτασις τοῦ προγράμματος ἐπί τῶν ζητημάτων τά ὁποῖα ἀπασχολοῦν τήν περιοχήν μας, ἐν ὄψει τῶν νέων συνθηκῶν.

ΚΟΡΝΗΛΙΟΥ ΡΑΙΑΝ
Η ΤΕΛΕΥΤΑΙΑ ΜΑΧΗ
Ο Στάλιν ἐπιπλήττει τόν Ζούκωφ διά τήν καθυστέρησιν τῆς προελάσεως

ΘΕΣΣΑΛΟΝΙΚΗ, 19. — Κατά τήν χθεσινήν συνεδρίασιν ἀπεφασίσθη ἡ συνέχισις τῶν ἐργασιών, ὡς καί ἡ ἐπέκτασις τοῦ προγράμματος ἐπί τῶν ζητημάτων τά ὁποῖα ἀπασχολοῦν τήν περιοχήν μας, ἐν ὄψει τῶν νέων συνθηκῶν.

Ἡ κατάστασις ἐξακολουθεῖ νά εἶναι ἀμετάβλητος, ἐνῷ αἱ ἁρμόδιαι ἀρχαί ἐπισημαίνουν ὅτι τά μέτρα θά ληφθοῦν ἐντός τῶν προσεχῶν ἡμερῶν, κατόπιν τῶν σχετικῶν ἀποφάσεων τῆς ἐπιτροπῆς.

ΛΟΝΔΙΝΟΝ, 19 (Ρώυτερ). — Αἱ συζητήσεις συνεχίζονται καί σήμερον μεταξύ τῶν ἀντιπροσωπειῶν, αἱ ὁποῖαι ἐξετάζουν τάς προτάσεις ἐπί τοῦ θέματος, χωρίς ὅμως νά ἐπιτευχθῇ συμφωνία.

ΘΕΣΣΑΛΟΝΙΚΗ, 19. — Κατά τήν χθεσινήν συνεδρίασιν ἀπεφασίσθη ἡ συνέχισις τῶν ἐργασιών, ὡς καί ἡ ἐπέκτασις τοῦ προγράμματος ἐπί τῶν ζητημάτων τά ὁποῖα ἀπασχολοῦν τήν περιοχήν μας, ἐν ὄψει τῶν νέων συνθηκῶν.

Ἡ κατάστασις ἐξακολουθεῖ νά εἶναι ἀμετάβλητος, ἐνῷ αἱ ἁρμόδιαι ἀρχαί ἐπισημαίνουν ὅτι τά μέτρα θά ληφθοῦν ἐντός τῶν προσεχῶν ἡμερῶν, κατόπιν τῶν σχετικῶν ἀποφάσεων τῆς ἐπιτροπῆς.

ΛΟΝΔΙΝΟΝ, 19 (Ρώυτερ). — Αἱ συζητήσεις συνεχίζονται καί σήμερον μεταξύ τῶν ἀντιπροσωπειῶν, αἱ ὁποῖαι ἐξετάζουν τάς προτάσεις ἐπί τοῦ θέματος, χωρίς ὅμως νά ἐπιτευχθῇ συμφωνία.

ΘΕΣΣΑΛΟΝΙΚΗ, 19. — Κατά τήν χθεσινήν συνεδρίασιν ἀπεφασίσθη ἡ συνέχισις τῶν ἐργασιών, ὡς καί ἡ ἐπέκτασις τοῦ προγράμματος ἐπί τῶν ζητημάτων τά ὁποῖα ἀπασχολοῦν τήν περιοχήν μας, ἐν ὄψει τῶν νέων συνθηκῶν.

Ἡ κατάστασις ἐξακολουθεῖ νά εἶναι ἀμετάβλητος, ἐνῷ αἱ ἁρμόδιαι ἀρχαί ἐπισημαίνουν ὅτι τά μέτρα θά ληφθοῦν ἐντός τῶν προσεχῶν ἡμερῶν, κατόπιν τῶν σχετικῶν ἀποφάσεων τῆς ἐπιτροπῆς.

ΛΟΝΔΙΝΟΝ, 19 (Ρώυτερ). — Αἱ συζητήσεις συνεχίζονται καί σήμερον μεταξύ τῶν ἀντιπροσωπειῶν, αἱ ὁποῖαι ἐξετάζουν τάς προτάσεις ἐπί τοῦ θέματος, χωρίς ὅμως νά ἐπιτευχθῇ συμφωνία.

Ο Κόνιεφ προελαύνει

ΘΕΣΣΑΛΟΝΙΚΗ, 19. — Κατά τήν χθεσινήν συνεδρίασιν ἀπεφασίσθη ἡ συνέχισις τῶν ἐργασιών, ὡς καί ἡ ἐπέκτασις τοῦ προγράμματος ἐπί τῶν ζητημάτων τά ὁποῖα ἀπασχολοῦν τήν περιοχήν μας, ἐν ὄψει τῶν νέων συνθηκῶν.

Ἡ κατάστασις ἐξακολουθεῖ νά εἶναι ἀμετάβλητος, ἐνῷ αἱ ἁρμόδιαι ἀρχαί ἐπισημαίνουν ὅτι τά μέτρα θά ληφθοῦν ἐντός τῶν προσεχῶν ἡμερῶν, κατόπιν τῶν σχετικῶν ἀποφάσεων τῆς ἐπιτροπῆς.

ΛΟΝΔΙΝΟΝ, 19 (Ρώυτερ). — Αἱ συζητήσεις συνεχίζονται καί σήμερον μεταξύ τῶν ἀντιπροσωπειῶν, αἱ ὁποῖαι ἐξετάζουν τάς προτάσεις ἐπί τοῦ θέματος, χωρίς ὅμως νά ἐπιτευχθῇ συμφωνία.

ΘΕΣΣΑΛΟΝΙΚΗ, 19. — Κατά τήν χθεσινήν συνεδρίασιν ἀπεφασίσθη ἡ συνέχισις τῶν ἐργασιών, ὡς καί ἡ ἐπέκτασις τοῦ προγράμματος ἐπί τῶν ζητημάτων τά ὁποῖα ἀπασχολοῦν τήν περιοχήν μας, ἐν ὄψει τῶν νέων συνθηκῶν.

Ἡ κατάστασις ἐξακολουθεῖ νά εἶναι ἀμετάβλητος, ἐνῷ αἱ ἁρμόδιαι ἀρχαί ἐπισημαίνουν ὅτι τά μέτρα θά ληφθοῦν ἐντός τῶν προσεχῶν ἡμερῶν, κατόπιν τῶν σχετικῶν ἀποφάσεων τῆς ἐπιτροπῆς.

ΛΟΝΔΙΝΟΝ, 19 (Ρώυτερ). — Αἱ συζητήσεις συνεχίζονται καί σήμερον μεταξύ τῶν ἀντιπροσωπειῶν, αἱ ὁποῖαι ἐξετάζουν τάς προτάσεις ἐπί τοῦ θέματος, χωρίς ὅμως νά ἐπιτευχθῇ συμφωνία.

ΘΕΣΣΑΛΟΝΙΚΗ, 19. — Κατά τήν χθεσινήν συνεδρίασιν ἀπεφασίσθη ἡ συνέχισις τῶν ἐργασιών, ὡς καί ἡ ἐπέκτασις τοῦ προγράμματος ἐπί τῶν ζητημάτων τά ὁποῖα ἀπασχολοῦν τήν περιοχήν μας, ἐν ὄψει τῶν νέων συνθηκῶν.

Ἡ κατάστασις ἐξακολουθεῖ νά εἶναι ἀμετάβλητος, ἐνῷ αἱ ἁρμόδιαι ἀρχαί ἐπισημαίνουν ὅτι τά μέτρα θά ληφθοῦν ἐντός τῶν προσεχῶν ἡμερῶν, κατόπιν τῶν σχετικῶν ἀποφάσεων τῆς ἐπιτροπῆς.

ΛΟΝΔΙΝΟΝ, 19 (Ρώυτερ). — Αἱ συζητήσεις συνεχίζονται καί σήμερον μεταξύ τῶν ἀντιπροσωπειῶν, αἱ ὁποῖαι ἐξετάζουν τάς προτάσεις ἐπί τοῦ θέματος, χωρίς ὅμως νά ἐπιτευχθῇ συμφωνία.

ΘΕΣΣΑΛΟΝΙΚΗ, 19. — Κατά τήν χθεσινήν συνεδρίασιν ἀπεφασίσθη ἡ συνέχισις τῶν ἐργασιών, ὡς καί ἡ ἐπέκτασις τοῦ προγράμματος ἐπί τῶν ζητημάτων τά ὁποῖα ἀπασχολοῦν τήν περιοχήν μας, ἐν ὄψει τῶν νέων συνθηκῶν.

Ἡ κατάστασις ἐξακολουθεῖ νά εἶναι ἀμετάβλητος, ἐνῷ αἱ ἁρμόδιαι ἀρχαί ἐπισημαίνουν ὅτι τά μέτρα θά ληφθοῦν ἐντός τῶν προσεχῶν ἡμερῶν, κατόπιν τῶν σχετικῶν ἀποφάσεων τῆς ἐπιτροπῆς.

ΛΟΝΔΙΝΟΝ, 19 (Ρώυτερ). — Αἱ συζητήσεις συνεχίζονται καί σήμερον μεταξύ τῶν ἀντιπροσωπειῶν, αἱ ὁποῖαι ἐξετάζουν τάς προτάσεις ἐπί τοῦ θέματος, χωρίς ὅμως νά ἐπιτευχθῇ συμφωνία.

ΘΕΣΣΑΛΟΝΙΚΗ, 19. — Κατά τήν χθεσινήν συνεδρίασιν ἀπεφασίσθη ἡ συνέχισις τῶν ἐργασιών, ὡς καί ἡ ἐπέκτασις τοῦ προγράμματος ἐπί τῶν ζητημάτων τά ὁποῖα ἀπασχολοῦν τήν περιοχήν μας, ἐν ὄψει τῶν νέων συνθηκῶν.

Ἡ κατάστασις ἐξακολουθεῖ νά εἶναι ἀμετάβλητος, ἐνῷ αἱ ἁρμόδιαι ἀρχαί ἐπισημαίνουν ὅτι τά μέτρα θά ληφθοῦν ἐντός τῶν προσεχῶν ἡμερῶν, κατόπιν τῶν σχετικῶν ἀποφάσεων τῆς ἐπιτροπῆς.

ΛΟΝΔΙΝΟΝ, 19 (Ρώυτερ). — Αἱ συζητήσεις συνεχίζονται καί σήμερον μεταξύ τῶν ἀντιπροσωπειῶν, αἱ ὁποῖαι ἐξετάζουν τάς προτάσεις ἐπί τοῦ θέματος, χωρίς ὅμως νά ἐπιτευχθῇ συμφωνία.

ΘΕΣΣΑΛΟΝΙΚΗ, 19. — Κατά τήν χθεσινήν συνεδρίασιν ἀπεφασίσθη ἡ συνέχισις τῶν ἐργασιών, ὡς καί ἡ ἐπέκτασις τοῦ προγράμματος ἐπί τῶν ζητημάτων τά ὁποῖα ἀπασχολοῦν τήν περιοχήν μας, ἐν ὄψει τῶν νέων συνθηκῶν.

Ἡ κατάστασις ἐξακολουθεῖ νά εἶναι ἀμετάβλητος, ἐνῷ αἱ ἁρμόδιαι ἀρχαί ἐπισημαίνουν ὅτι τά μέτρα θά ληφθοῦν ἐντός τῶν προσεχῶν ἡμερῶν, κατόπιν τῶν σχετικῶν ἀποφάσεων τῆς ἐπιτροπῆς.

ΛΟΝΔΙΝΟΝ, 19 (Ρώυτερ). — Αἱ συζητήσεις συνεχίζονται καί σήμερον μεταξύ τῶν ἀντιπροσωπειῶν, αἱ ὁποῖαι ἐξετάζουν τάς προτάσεις ἐπί τοῦ θέματος, χωρίς ὅμως νά ἐπιτευχθῇ συμφωνία.

ΘΕΣΣΑΛΟΝΙΚΗ, 19. — Κατά τήν χθεσινήν συνεδρίασιν ἀπεφασίσθη ἡ συνέχισις τῶν ἐργασιών, ὡς καί ἡ ἐπέκτασις τοῦ προγράμματος ἐπί τῶν ζητημάτων τά ὁποῖα ἀπασχολοῦν τήν περιοχήν μας, ἐν ὄψει τῶν νέων συνθηκῶν.

Συνομιλία μέ τόν Στάλιν

Ἡ κατάστασις ἐξακολουθεῖ νά εἶναι ἀμετάβλητος, ἐνῷ αἱ ἁρμόδιαι ἀρχαί ἐπισημαίνουν ὅτι τά μέτρα θά ληφθοῦν ἐντός τῶν προσεχῶν ἡμερῶν, κατόπιν τῶν σχετικῶν ἀποφάσεων τῆς ἐπιτροπῆς.

ΛΟΝΔΙΝΟΝ, 19 (Ρώυτερ). — Αἱ συζητήσεις συνεχίζονται καί σήμερον μεταξύ τῶν ἀντιπροσωπειῶν, αἱ ὁποῖαι ἐξετάζουν τάς προτάσεις ἐπί τοῦ θέματος, χωρίς ὅμως νά ἐπιτευχθῇ συμφωνία.

ΘΕΣΣΑΛΟΝΙΚΗ, 19. — Κατά τήν χθεσινήν συνεδρίασιν ἀπεφασίσθη ἡ συνέχισις τῶν ἐργασιών, ὡς καί ἡ ἐπέκτασις τοῦ προγράμματος ἐπί τῶν ζητημάτων τά ὁποῖα ἀπασχολοῦν τήν περιοχήν μας, ἐν ὄψει τῶν νέων συνθηκῶν.

Ἡ κατάστασις ἐξακολουθεῖ νά εἶναι ἀμετάβλητος, ἐνῷ αἱ ἁρμόδιαι ἀρχαί ἐπισημαίνουν ὅτι τά μέτρα θά ληφθοῦν ἐντός τῶν προσεχῶν ἡμερῶν, κατόπιν τῶν σχετικῶν ἀποφάσεων τῆς ἐπιτροπῆς.

ΛΟΝΔΙΝΟΝ, 19 (Ρώυτερ). — Αἱ συζητήσεις συνεχίζονται καί σήμερον μεταξύ τῶν ἀντιπροσωπειῶν, αἱ ὁποῖαι ἐξετάζουν τάς προτάσεις ἐπί τοῦ θέματος, χωρίς ὅμως νά ἐπιτευχθῇ συμφωνία.

ΘΕΣΣΑΛΟΝΙΚΗ, 19. — Κατά τήν χθεσινήν συνεδρίασιν ἀπεφασίσθη ἡ συνέχισις τῶν ἐργασιών, ὡς καί ἡ ἐπέκτασις τοῦ προγράμματος ἐπί τῶν ζητημάτων τά ὁποῖα ἀπασχολοῦν τήν περιοχήν μας, ἐν ὄψει τῶν νέων συνθηκῶν.

Ἡ κατάστασις ἐξακολουθεῖ νά εἶναι ἀμετάβλητος, ἐνῷ αἱ ἁρμόδιαι ἀρχαί ἐπισημαίνουν ὅτι τά μέτρα θά ληφθοῦν ἐντός τῶν προσεχῶν ἡμερῶν, κατόπιν τῶν σχετικῶν ἀποφάσεων τῆς ἐπιτροπῆς.

ΛΟΝΔΙΝΟΝ, 19 (Ρώυτερ). — Αἱ συζητήσεις συνεχίζονται καί σήμερον μεταξύ τῶν ἀντιπροσωπειῶν, αἱ ὁποῖαι ἐξετάζουν τάς προτάσεις ἐπί τοῦ θέματος, χωρίς ὅμως νά ἐπιτευχθῇ συμφωνία.

ΘΕΣΣΑΛΟΝΙΚΗ, 19. — Κατά τήν χθεσινήν συνεδρίασιν ἀπεφασίσθη ἡ συνέχισις τῶν ἐργασιών, ὡς καί ἡ ἐπέκτασις τοῦ προγράμματος ἐπί τῶν ζητημάτων τά ὁποῖα ἀπασχολοῦν τήν περιοχήν μας, ἐν ὄψει τῶν νέων συνθηκῶν.

Ἡ κατάστασις ἐξακολουθεῖ νά εἶναι ἀμετάβλητος, ἐνῷ αἱ ἁρμόδιαι ἀρχαί ἐπισημαίνουν ὅτι τά μέτρα θά ληφθοῦν ἐντός τῶν προσεχῶν ἡμερῶν, κατόπιν τῶν σχετικῶν ἀποφάσεων τῆς ἐπιτροπῆς.

ΛΟΝΔΙΝΟΝ, 19 (Ρώυτερ). — Αἱ συζητήσεις συνεχίζονται καί σήμερον μεταξύ τῶν ἀντιπροσωπειῶν, αἱ ὁποῖαι ἐξετάζουν τάς προτάσεις ἐπί τοῦ θέματος, χωρίς ὅμως νά ἐπιτευχθῇ συμφωνία.

ΘΕΣΣΑΛΟΝΙΚΗ, 19. — Κατά τήν χθεσινήν συνεδρίασιν ἀπεφασίσθη ἡ συνέχισις τῶν ἐργασιών, ὡς καί ἡ ἐπέκτασις τοῦ προγράμματος ἐπί τῶν ζητημάτων τά ὁποῖα ἀπασχολοῦν τήν περιοχήν μας, ἐν ὄψει τῶν νέων συνθηκῶν.

Ἡ κατάστασις ἐξακολουθεῖ νά εἶναι ἀμετάβλητος, ἐνῷ αἱ ἁρμόδιαι ἀρχαί ἐπισημαίνουν ὅτι τά μέτρα θά ληφθοῦν ἐντός τῶν προσεχῶν ἡμερῶν, κατόπιν τῶν σχετικῶν ἀποφάσεων τῆς ἐπιτροπῆς.

ΛΟΝΔΙΝΟΝ, 19 (Ρώυτερ). — Αἱ συζητήσεις συνεχίζονται καί σήμερον μεταξύ τῶν ἀντιπροσωπειῶν, αἱ ὁποῖαι ἐξετάζουν τάς προτάσεις ἐπί τοῦ θέματος, χωρίς ὅμως νά ἐπιτευχθῇ συμφωνία.

ΘΕΣΣΑΛΟΝΙΚΗ, 19. — Κατά τήν χθεσινήν συνεδρίασιν ἀπεφασίσθη ἡ συνέχισις τῶν ἐργασιών, ὡς καί ἡ ἐπέκτασις τοῦ προγράμματος ἐπί τῶν ζητημάτων τά ὁποῖα ἀπασχολοῦν τήν περιοχήν μας, ἐν ὄψει τῶν νέων συνθηκῶν.

Ἡ κατάστασις ἐξακολουθεῖ νά εἶναι ἀμετάβλητος, ἐνῷ αἱ ἁρμόδιαι ἀρχαί ἐπισημαίνουν ὅτι τά μέτρα θά ληφθοῦν ἐντός τῶν προσεχῶν ἡμερῶν, κατόπιν τῶν σχετικῶν ἀποφάσεων τῆς ἐπιτροπῆς.

ΛΟΝΔΙΝΟΝ, 19 (Ρώυτερ). — Αἱ συζητήσεις συνεχίζονται καί σήμερον μεταξύ τῶν ἀντιπροσωπειῶν, αἱ ὁποῖαι ἐξετάζουν τάς προτάσεις ἐπί τοῦ θέματος, χωρίς ὅμως νά ἐπιτευχθῇ συμφωνία.

ΘΕΣΣΑΛΟΝΙΚΗ, 19. — Κατά τήν χθεσινήν συνεδρίασιν ἀπεφασίσθη ἡ συνέχισις τῶν ἐργασιών, ὡς καί ἡ ἐπέκτασις τοῦ προγράμματος ἐπί τῶν ζητημάτων τά ὁποῖα ἀπασχολοῦν τήν περιοχήν μας, ἐν ὄψει τῶν νέων συνθηκῶν.

Ἡ κατάστασις ἐξακολουθεῖ νά εἶναι ἀμετάβλητος, ἐνῷ αἱ ἁρμόδιαι ἀρχαί ἐπισημαίνουν ὅτι τά μέτρα θά ληφθοῦν ἐντός τῶν προσεχῶν ἡμερῶν, κατόπιν τῶν σχετικῶν ἀποφάσεων τῆς ἐπιτροπῆς.

Ο Ζούκωφ ὑπό δυσμένειαν

ΛΟΝΔΙΝΟΝ, 19 (Ρώυτερ). — Αἱ συζητήσεις συνεχίζονται καί σήμερον μεταξύ τῶν ἀντιπροσωπειῶν, αἱ ὁποῖαι ἐξετάζουν τάς προτάσεις ἐπί τοῦ θέματος, χωρίς ὅμως νά ἐπιτευχθῇ συμφωνία.

ΘΕΣΣΑΛΟΝΙΚΗ, 19. — Κατά τήν χθεσινήν συνεδρίασιν ἀπεφασίσθη ἡ συνέχισις τῶν ἐργασιών, ὡς καί ἡ ἐπέκτασις τοῦ προγράμματος ἐπί τῶν ζητημάτων τά ὁποῖα ἀπασχολοῦν τήν περιοχήν μας, ἐν ὄψει τῶν νέων συνθηκῶν.

Ἡ κατάστασις ἐξακολουθεῖ νά εἶναι ἀμετάβλητος, ἐνῷ αἱ ἁρμόδιαι ἀρχαί ἐπισημαίνουν ὅτι τά μέτρα θά ληφθοῦν ἐντός τῶν προσεχῶν ἡμερῶν, κατόπιν τῶν σχετικῶν ἀποφάσεων τῆς ἐπιτροπῆς.

ΛΟΝΔΙΝΟΝ, 19 (Ρώυτερ). — Αἱ συζητήσεις συνεχίζονται καί σήμερον μεταξύ τῶν ἀντιπροσωπειῶν, αἱ ὁποῖαι ἐξετάζουν τάς προτάσεις ἐπί τοῦ θέματος, χωρίς ὅμως νά ἐπιτευχθῇ συμφωνία.

ΘΕΣΣΑΛΟΝΙΚΗ, 19. — Κατά τήν χθεσινήν συνεδρίασιν ἀπεφασίσθη ἡ συνέχισις τῶν ἐργασιών, ὡς καί ἡ ἐπέκτασις τοῦ προγράμματος ἐπί τῶν ζητημάτων τά ὁποῖα ἀπασχολοῦν τήν περιοχήν μας, ἐν ὄψει τῶν νέων συνθηκῶν.

Ἡ κατάστασις ἐξακολουθεῖ νά εἶναι ἀμετάβλητος, ἐνῷ αἱ ἁρμόδιαι ἀρχαί ἐπισημαίνουν ὅτι τά μέτρα θά ληφθοῦν ἐντός τῶν προσεχῶν ἡμερῶν, κατόπιν τῶν σχετικῶν ἀποφάσεων τῆς ἐπιτροπῆς.

ΛΟΝΔΙΝΟΝ, 19 (Ρώυτερ). — Αἱ συζητήσεις συνεχίζονται καί σήμερον μεταξύ τῶν ἀντιπροσωπειῶν, αἱ ὁποῖαι ἐξετάζουν τάς προτάσεις ἐπί τοῦ θέματος, χωρίς ὅμως νά ἐπιτευχθῇ συμφωνία.

ΑΥΡΙΟΝ: Ἡ συνέχεια
Σελίς 3
ΟΛΙΓΑΣ ΗΜΕΡΑΣ ΜΕΤΑ ΤΟΝ "ΣΑΡΒΕΓΙΟΡ"
Δορυφόρον «Ἐξπλόρερ» πρός τήν σελήνην ἐξετόξευσεν ἡ Ἀμερική
ΠΡΟΣ ΔΙΕΞΑΓΩΓΗΝ ΜΕΛΕΤΩΝ
ΕΙΣ ΤΟ ΜΑΓΝΗΤΙΚΟΝ ΠΕΔΙΟΝ

ΘΕΣΣΑΛΟΝΙΚΗ, 19. — Κατά τήν χθεσινήν συνεδρίασιν ἀπεφασίσθη ἡ συνέχισις τῶν ἐργασιών, ὡς καί ἡ ἐπέκτασις τοῦ προγράμματος ἐπί τῶν ζητημάτων τά ὁποῖα ἀπασχολοῦν τήν περιοχήν μας, ἐν ὄψει τῶν νέων συνθηκῶν.

Ἡ κατάστασις ἐξακολουθεῖ νά εἶναι ἀμετάβλητος, ἐνῷ αἱ ἁρμόδιαι ἀρχαί ἐπισημαίνουν ὅτι τά μέτρα θά ληφθοῦν ἐντός τῶν προσεχῶν ἡμερῶν, κατόπιν τῶν σχετικῶν ἀποφάσεων τῆς ἐπιτροπῆς.

ΛΟΝΔΙΝΟΝ, 19 (Ρώυτερ). — Αἱ συζητήσεις συνεχίζονται καί σήμερον μεταξύ τῶν ἀντιπροσωπειῶν, αἱ ὁποῖαι ἐξετάζουν τάς προτάσεις ἐπί τοῦ θέματος, χωρίς ὅμως νά ἐπιτευχθῇ συμφωνία.

ΘΕΣΣΑΛΟΝΙΚΗ, 19. — Κατά τήν χθεσινήν συνεδρίασιν ἀπεφασίσθη ἡ συνέχισις τῶν ἐργασιών, ὡς καί ἡ ἐπέκτασις τοῦ προγράμματος ἐπί τῶν ζητημάτων τά ὁποῖα ἀπασχολοῦν τήν περιοχήν μας, ἐν ὄψει τῶν νέων συνθηκῶν.

Ἡ κατάστασις ἐξακολουθεῖ νά εἶναι ἀμετάβλητος, ἐνῷ αἱ ἁρμόδιαι ἀρχαί ἐπισημαίνουν ὅτι τά μέτρα θά ληφθοῦν ἐντός τῶν προσεχῶν ἡμερῶν, κατόπιν τῶν σχετικῶν ἀποφάσεων τῆς ἐπιτροπῆς.

ΛΟΝΔΙΝΟΝ, 19 (Ρώυτερ). — Αἱ συζητήσεις συνεχίζονται καί σήμερον μεταξύ τῶν ἀντιπροσωπειῶν, αἱ ὁποῖαι ἐξετάζουν τάς προτάσεις ἐπί τοῦ θέματος, χωρίς ὅμως νά ἐπιτευχθῇ συμφωνία.

ΔΙΕΘΝΕΣ ΣΥΝΕΔΡΙΟΝ

ΘΕΣΣΑΛΟΝΙΚΗ, 19. — Κατά τήν χθεσινήν συνεδρίασιν ἀπεφασίσθη ἡ συνέχισις τῶν ἐργασιών, ὡς καί ἡ ἐπέκτασις τοῦ προγράμματος ἐπί τῶν ζητημάτων τά ὁποῖα ἀπασχολοῦν τήν περιοχήν μας, ἐν ὄψει τῶν νέων συνθηκῶν.

Ο ΑΠΟΛΛΩΝ

Ἡ κατάστασις ἐξακολουθεῖ νά εἶναι ἀμετάβλητος, ἐνῷ αἱ ἁρμόδιαι ἀρχαί ἐπισημαίνουν ὅτι τά μέτρα θά ληφθοῦν ἐντός τῶν προσεχῶν ἡμερῶν, κατόπιν τῶν σχετικῶν ἀποφάσεων τῆς ἐπιτροπῆς.

ΣΠΟΥΔΑΙΟΤΑΤΑ ΕΥΡΗΜΑΤΑ
Ἴχνη τῆς Ἀτλαντίδος ἀνεκαλύφθησαν εἰς τήν νῆσον Θήραν
ΤΡΙΩΡΟΦΟΙ ΚΑΤΟΙΚΙΑΙ
ΜΕ ΠΟΛΥΧΡΩΜΑ ΔΑΠΕΔΑ

ΛΟΝΔΙΝΟΝ, 19 (Ρώυτερ). — Αἱ συζητήσεις συνεχίζονται καί σήμερον μεταξύ τῶν ἀντιπροσωπειῶν, αἱ ὁποῖαι ἐξετάζουν τάς προτάσεις ἐπί τοῦ θέματος, χωρίς ὅμως νά ἐπιτευχθῇ συμφωνία.

ΘΕΣΣΑΛΟΝΙΚΗ, 19. — Κατά τήν χθεσινήν συνεδρίασιν ἀπεφασίσθη ἡ συνέχισις τῶν ἐργασιών, ὡς καί ἡ ἐπέκτασις τοῦ προγράμματος ἐπί τῶν ζητημάτων τά ὁποῖα ἀπασχολοῦν τήν περιοχήν μας, ἐν ὄψει τῶν νέων συνθηκῶν.

Ἡ κατάστασις ἐξακολουθεῖ νά εἶναι ἀμετάβλητος, ἐνῷ αἱ ἁρμόδιαι ἀρχαί ἐπισημαίνουν ὅτι τά μέτρα θά ληφθοῦν ἐντός τῶν προσεχῶν ἡμερῶν, κατόπιν τῶν σχετικῶν ἀποφάσεων τῆς ἐπιτροπῆς.

ΛΟΝΔΙΝΟΝ, 19 (Ρώυτερ). — Αἱ συζητήσεις συνεχίζονται καί σήμερον μεταξύ τῶν ἀντιπροσωπειῶν, αἱ ὁποῖαι ἐξετάζουν τάς προτάσεις ἐπί τοῦ θέματος, χωρίς ὅμως νά ἐπιτευχθῇ συμφωνία.

ΘΕΣΣΑΛΟΝΙΚΗ, 19. — Κατά τήν χθεσινήν συνεδρίασιν ἀπεφασίσθη ἡ συνέχισις τῶν ἐργασιών, ὡς καί ἡ ἐπέκτασις τοῦ προγράμματος ἐπί τῶν ζητημάτων τά ὁποῖα ἀπασχολοῦν τήν περιοχήν μας, ἐν ὄψει τῶν νέων συνθηκῶν.

Ἡ κατάστασις ἐξακολουθεῖ νά εἶναι ἀμετάβλητος, ἐνῷ αἱ ἁρμόδιαι ἀρχαί ἐπισημαίνουν ὅτι τά μέτρα θά ληφθοῦν ἐντός τῶν προσεχῶν ἡμερῶν, κατόπιν τῶν σχετικῶν ἀποφάσεων τῆς ἐπιτροπῆς.

ΛΟΝΔΙΝΟΝ, 19 (Ρώυτερ). — Αἱ συζητήσεις συνεχίζονται καί σήμερον μεταξύ τῶν ἀντιπροσωπειῶν, αἱ ὁποῖαι ἐξετάζουν τάς προτάσεις ἐπί τοῦ θέματος, χωρίς ὅμως νά ἐπιτευχθῇ συμφωνία.

ΘΕΣΣΑΛΟΝΙΚΗ, 19. — Κατά τήν χθεσινήν συνεδρίασιν ἀπεφασίσθη ἡ συνέχισις τῶν ἐργασιών, ὡς καί ἡ ἐπέκτασις τοῦ προγράμματος ἐπί τῶν ζητημάτων τά ὁποῖα ἀπασχολοῦν τήν περιοχήν μας, ἐν ὄψει τῶν νέων συνθηκῶν.

ΠΑΡ' ΟΛΙΓΟΝ ΝΕΑ ΑΙΜΑΤΟΧΥΣΙΑ
Ὀπαδοί τοῦ προέδρου Σουκάρνο ὠργάνωσαν συνωμοσίαν πρός ἀνατροπήν τοῦ Σουχάρτο
ΑΠΕΚΑΛΥΦΘΗ, ΟΜΩΣ, ΕΓΚΑΙΡΩΣ
ΚΑΙ ΕΞΗΡΘΡΩΘΗ ΤΑΧΥΤΑΤΑ

Ἡ κατάστασις ἐξακολουθεῖ νά εἶναι ἀμετάβλητος, ἐνῷ αἱ ἁρμόδιαι ἀρχαί ἐπισημαίνουν ὅτι τά μέτρα θά ληφθοῦν ἐντός τῶν προσεχῶν ἡμερῶν, κατόπιν τῶν σχετικῶν ἀποφάσεων τῆς ἐπιτροπῆς.

ΛΟΝΔΙΝΟΝ, 19 (Ρώυτερ). — Αἱ συζητήσεις συνεχίζονται καί σήμερον μεταξύ τῶν ἀντιπροσωπειῶν, αἱ ὁποῖαι ἐξετάζουν τάς προτάσεις ἐπί τοῦ θέματος, χωρίς ὅμως νά ἐπιτευχθῇ συμφωνία.

ΘΕΣΣΑΛΟΝΙΚΗ, 19. — Κατά τήν χθεσινήν συνεδρίασιν ἀπεφασίσθη ἡ συνέχισις τῶν ἐργασιών, ὡς καί ἡ ἐπέκτασις τοῦ προγράμματος ἐπί τῶν ζητημάτων τά ὁποῖα ἀπασχολοῦν τήν περιοχήν μας, ἐν ὄψει τῶν νέων συνθηκῶν.

Ἡ κατάστασις ἐξακολουθεῖ νά εἶναι ἀμετάβλητος, ἐνῷ αἱ ἁρμόδιαι ἀρχαί ἐπισημαίνουν ὅτι τά μέτρα θά ληφθοῦν ἐντός τῶν προσεχῶν ἡμερῶν, κατόπιν τῶν σχετικῶν ἀποφάσεων τῆς ἐπιτροπῆς.

ΑΙ ΕΡΕΥΝΑΙ ΤΩΝ ΓΕΩΛΟΓΩΝ
Κυνήγιον καρχαριῶν εἰς τά... Οὐράλια ὄρη
ΕΥΡΙΣΚΟΝΤΑΙ ΑΠΟΛΙΘΩΜΑΤΑ ΤΩΝ
ΜΕΤΑΞΥ ΤΩΝ ΟΡΕΙΝΩΝ ΠΕΤΡΩΜΑΤΩΝ

ΛΟΝΔΙΝΟΝ, 19 (Ρώυτερ). — Αἱ συζητήσεις συνεχίζονται καί σήμερον μεταξύ τῶν ἀντιπροσωπειῶν, αἱ ὁποῖαι ἐξετάζουν τάς προτάσεις ἐπί τοῦ θέματος, χωρίς ὅμως νά ἐπιτευχθῇ συμφωνία.

ΘΕΣΣΑΛΟΝΙΚΗ, 19. — Κατά τήν χθεσινήν συνεδρίασιν ἀπεφασίσθη ἡ συνέχισις τῶν ἐργασιών, ὡς καί ἡ ἐπέκτασις τοῦ προγράμματος ἐπί τῶν ζητημάτων τά ὁποῖα ἀπασχολοῦν τήν περιοχήν μας, ἐν ὄψει τῶν νέων συνθηκῶν.

Ἡ κατάστασις ἐξακολουθεῖ νά εἶναι ἀμετάβλητος, ἐνῷ αἱ ἁρμόδιαι ἀρχαί ἐπισημαίνουν ὅτι τά μέτρα θά ληφθοῦν ἐντός τῶν προσεχῶν ἡμερῶν, κατόπιν τῶν σχετικῶν ἀποφάσεων τῆς ἐπιτροπῆς.

ΛΟΝΔΙΝΟΝ, 19 (Ρώυτερ). — Αἱ συζητήσεις συνεχίζονται καί σήμερον μεταξύ τῶν ἀντιπροσωπειῶν, αἱ ὁποῖαι ἐξετάζουν τάς προτάσεις ἐπί τοῦ θέματος, χωρίς ὅμως νά ἐπιτευχθῇ συμφωνία.

Η ΑΠΟΚΤΗΣΙΣ ΥΔΡΟΓΟΝΟΒΟΜΒΑΣ ΥΠΟ ΤΟΥ ΠΕΚΙΝΟΥ ΑΝΑΓΚΑΖΕΙ ΤΟΥΣ ΙΑΠΩΝΑΣ ΝΑ ΣΤΡΑΦΟΥΝ ΠΡΟΣ ΤΗΝ ΚΑΤΑΣΚΕΥΗΝ ΠΥΡΗΝΙΚΩΝ ΕΞΟΠΛΙΣΜΩΝ

ΘΕΣΣΑΛΟΝΙΚΗ, 19. — Κατά τήν χθεσινήν συνεδρίασιν ἀπεφασίσθη ἡ συνέχισις τῶν ἐργασιών, ὡς καί ἡ ἐπέκτασις τοῦ προγράμματος ἐπί τῶν ζητημάτων τά ὁποῖα ἀπασχολοῦν τήν περιοχήν μας, ἐν ὄψει τῶν νέων συνθηκῶν.

Ἡ κατάστασις ἐξακολουθεῖ νά εἶναι ἀμετάβλητος, ἐνῷ αἱ ἁρμόδιαι ἀρχαί ἐπισημαίνουν ὅτι τά μέτρα θά ληφθοῦν ἐντός τῶν προσεχῶν ἡμερῶν, κατόπιν τῶν σχετικῶν ἀποφάσεων τῆς ἐπιτροπῆς.

ΛΟΝΔΙΝΟΝ, 19 (Ρώυτερ). — Αἱ συζητήσεις συνεχίζονται καί σήμερον μεταξύ τῶν ἀντιπροσωπειῶν, αἱ ὁποῖαι ἐξετάζουν τάς προτάσεις ἐπί τοῦ θέματος, χωρίς ὅμως νά ἐπιτευχθῇ συμφωνία.

ΘΕΣΣΑΛΟΝΙΚΗ, 19. — Κατά τήν χθεσινήν συνεδρίασιν ἀπεφασίσθη ἡ συνέχισις τῶν ἐργασιών, ὡς καί ἡ ἐπέκτασις τοῦ προγράμματος ἐπί τῶν ζητημάτων τά ὁποῖα ἀπασχολοῦν τήν περιοχήν μας, ἐν ὄψει τῶν νέων συνθηκῶν.
